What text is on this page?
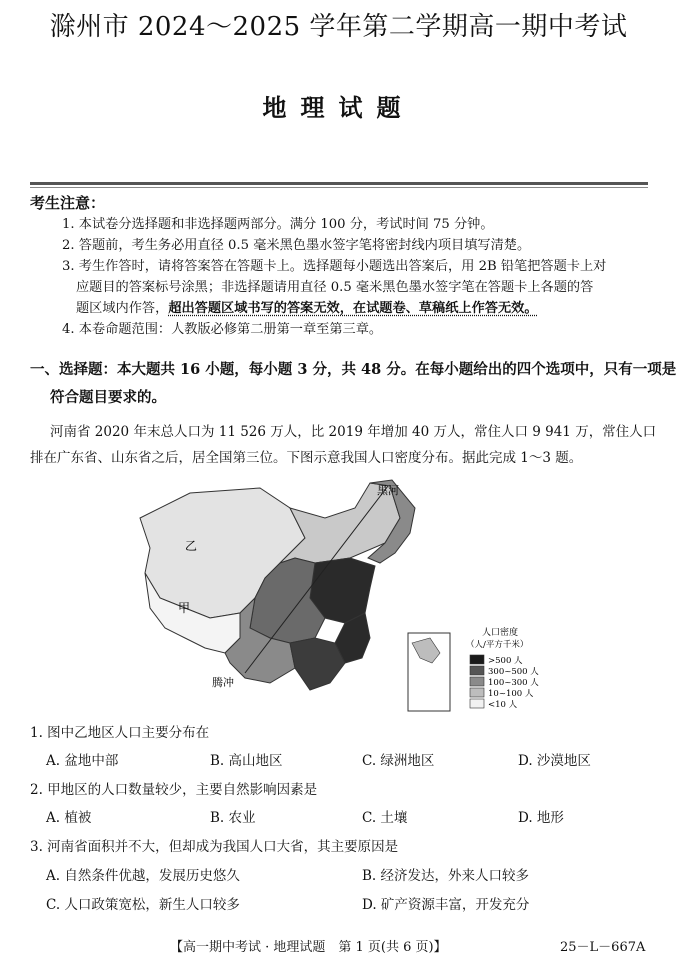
滁州市 2024～2025 学年第二学期高一期中考试
地理试题
考生注意：
1. 本试卷分选择题和非选择题两部分。满分 100 分，考试时间 75 分钟。
2. 答题前，考生务必用直径 0.5 毫米黑色墨水签字笔将密封线内项目填写清楚。
3. 考生作答时，请将答案答在答题卡上。选择题每小题选出答案后，用 2B 铅笔把答题卡上对
应题目的答案标号涂黑；非选择题请用直径 0.5 毫米黑色墨水签字笔在答题卡上各题的答
题区域内作答，超出答题区域书写的答案无效，在试题卷、草稿纸上作答无效。
4. 本卷命题范围：人教版必修第二册第一章至第三章。
一、选择题：本大题共 16 小题，每小题 3 分，共 48 分。在每小题给出的四个选项中，只有一项是
符合题目要求的。
河南省 2020 年末总人口为 11 526 万人，比 2019 年增加 40 万人，常住人口 9 941 万，常住人口
排在广东省、山东省之后，居全国第三位。下图示意我国人口密度分布。据此完成 1～3 题。
黑河
乙
甲
腾冲
人口密度
（人/平方千米）
>500 人
300~500 人
100~300 人
10~100 人
<10 人
1. 图中乙地区人口主要分布在
A. 盆地中部	B. 高山地区	C. 绿洲地区	D. 沙漠地区
2. 甲地区的人口数量较少，主要自然影响因素是
A. 植被	B. 农业	C. 土壤	D. 地形
3. 河南省面积并不大，但却成为我国人口大省，其主要原因是
A. 自然条件优越，发展历史悠久	B. 经济发达，外来人口较多
C. 人口政策宽松，新生人口较多	D. 矿产资源丰富，开发充分
【高一期中考试 · 地理试题　第 1 页(共 6 页)】	25－L－667A
